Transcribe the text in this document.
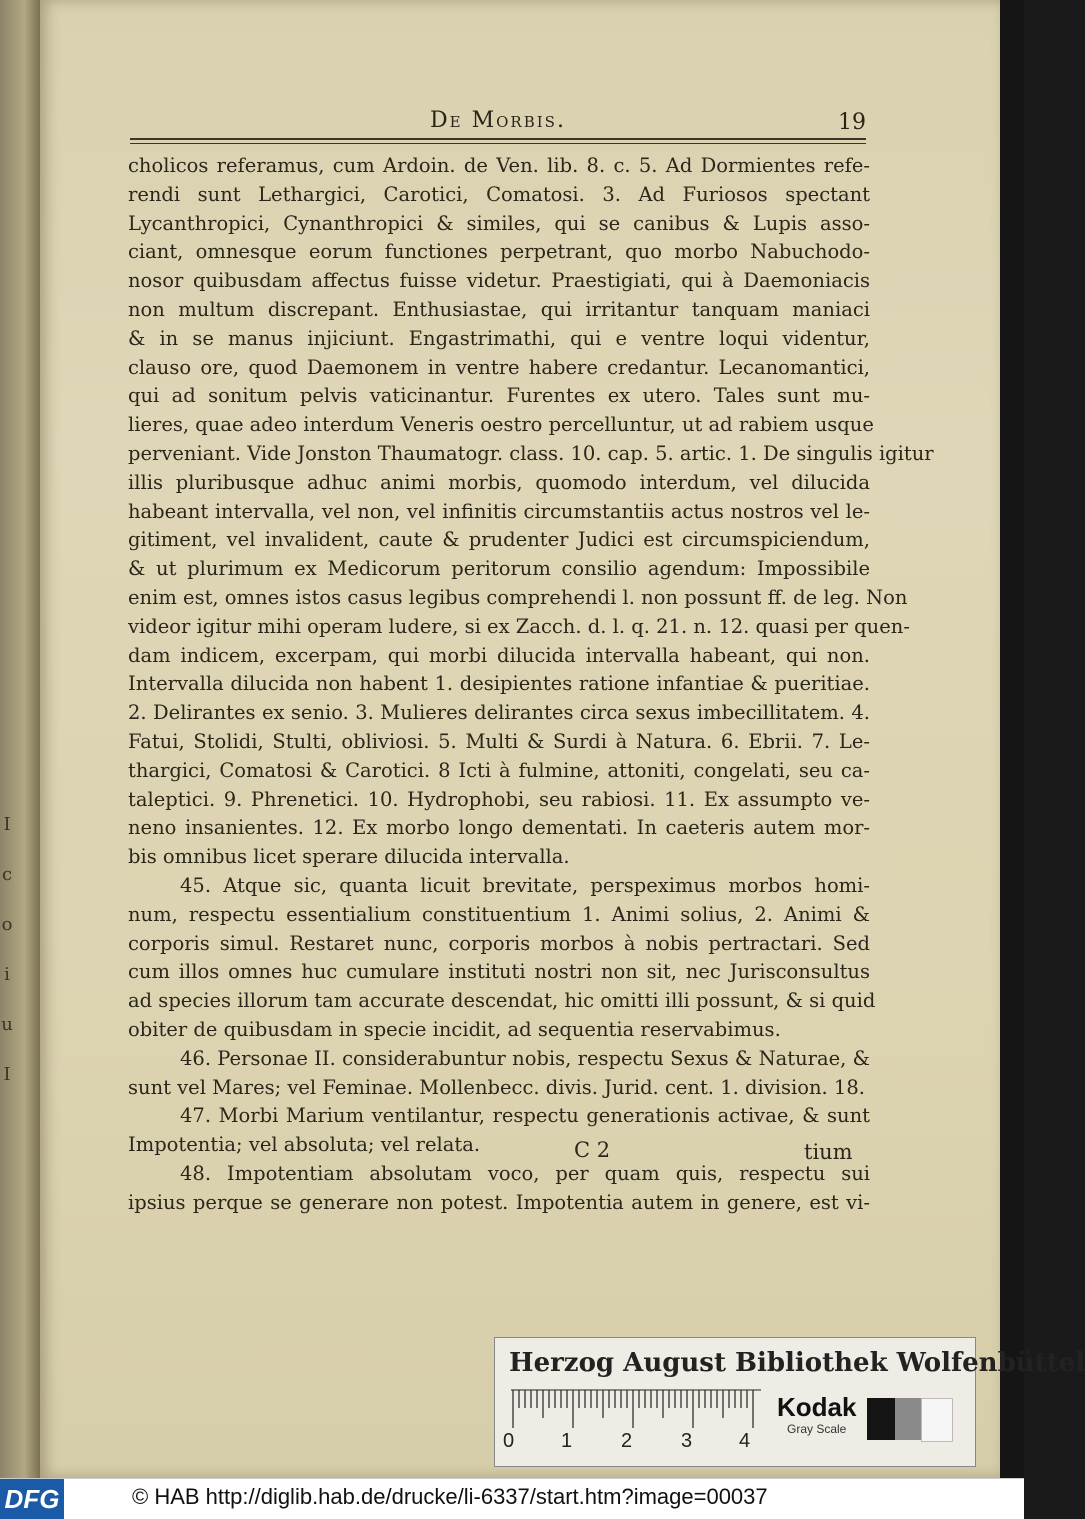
I
c
o
i
u
I
De Morbis.	19
cholicos referamus, cum Ardoin. de Ven. lib. 8. c. 5. Ad Dormientes refe-
rendi sunt Lethargici, Carotici, Comatosi. 3. Ad Furiosos spectant
Lycanthropici, Cynanthropici & similes, qui se canibus & Lupis asso-
ciant, omnesque eorum functiones perpetrant, quo morbo Nabuchodo-
nosor quibusdam affectus fuisse videtur. Praestigiati, qui à Daemoniacis
non multum discrepant. Enthusiastae, qui irritantur tanquam maniaci
& in se manus injiciunt. Engastrimathi, qui e ventre loqui videntur,
clauso ore, quod Daemonem in ventre habere credantur. Lecanomantici,
qui ad sonitum pelvis vaticinantur. Furentes ex utero. Tales sunt mu-
lieres, quae adeo interdum Veneris oestro percelluntur, ut ad rabiem usque
perveniant. Vide Jonston Thaumatogr. class. 10. cap. 5. artic. 1. De singulis igitur
illis pluribusque adhuc animi morbis, quomodo interdum, vel dilucida
habeant intervalla, vel non, vel infinitis circumstantiis actus nostros vel le-
gitiment, vel invalident, caute & prudenter Judici est circumspiciendum,
& ut plurimum ex Medicorum peritorum consilio agendum: Impossibile
enim est, omnes istos casus legibus comprehendi l. non possunt ff. de leg. Non
videor igitur mihi operam ludere, si ex Zacch. d. l. q. 21. n. 12. quasi per quen-
dam indicem, excerpam, qui morbi dilucida intervalla habeant, qui non.
Intervalla dilucida non habent 1. desipientes ratione infantiae & pueritiae.
2. Delirantes ex senio. 3. Mulieres delirantes circa sexus imbecillitatem. 4.
Fatui, Stolidi, Stulti, obliviosi. 5. Multi & Surdi à Natura. 6. Ebrii. 7. Le-
thargici, Comatosi & Carotici. 8 Icti à fulmine, attoniti, congelati, seu ca-
taleptici. 9. Phrenetici. 10. Hydrophobi, seu rabiosi. 11. Ex assumpto ve-
neno insanientes. 12. Ex morbo longo dementati. In caeteris autem mor-
bis omnibus licet sperare dilucida intervalla.
45. Atque sic, quanta licuit brevitate, perspeximus morbos homi-
num, respectu essentialium constituentium 1. Animi solius, 2. Animi &
corporis simul. Restaret nunc, corporis morbos à nobis pertractari. Sed
cum illos omnes huc cumulare instituti nostri non sit, nec Jurisconsultus
ad species illorum tam accurate descendat, hic omitti illi possunt, & si quid
obiter de quibusdam in specie incidit, ad sequentia reservabimus.
46. Personae II. considerabuntur nobis, respectu Sexus & Naturae, &
sunt vel Mares; vel Feminae. Mollenbecc. divis. Jurid. cent. 1. division. 18.
47. Morbi Marium ventilantur, respectu generationis activae, & sunt
Impotentia; vel absoluta; vel relata.
48. Impotentiam absolutam voco, per quam quis, respectu sui
ipsius perque se generare non potest. Impotentia autem in genere, est vi-
C 2	tium
Herzog August Bibliothek Wolfenbüttel
0 1 2 3 4
Kodak
Gray Scale
DFG	© HAB http://diglib.hab.de/drucke/li-6337/start.htm?image=00037
